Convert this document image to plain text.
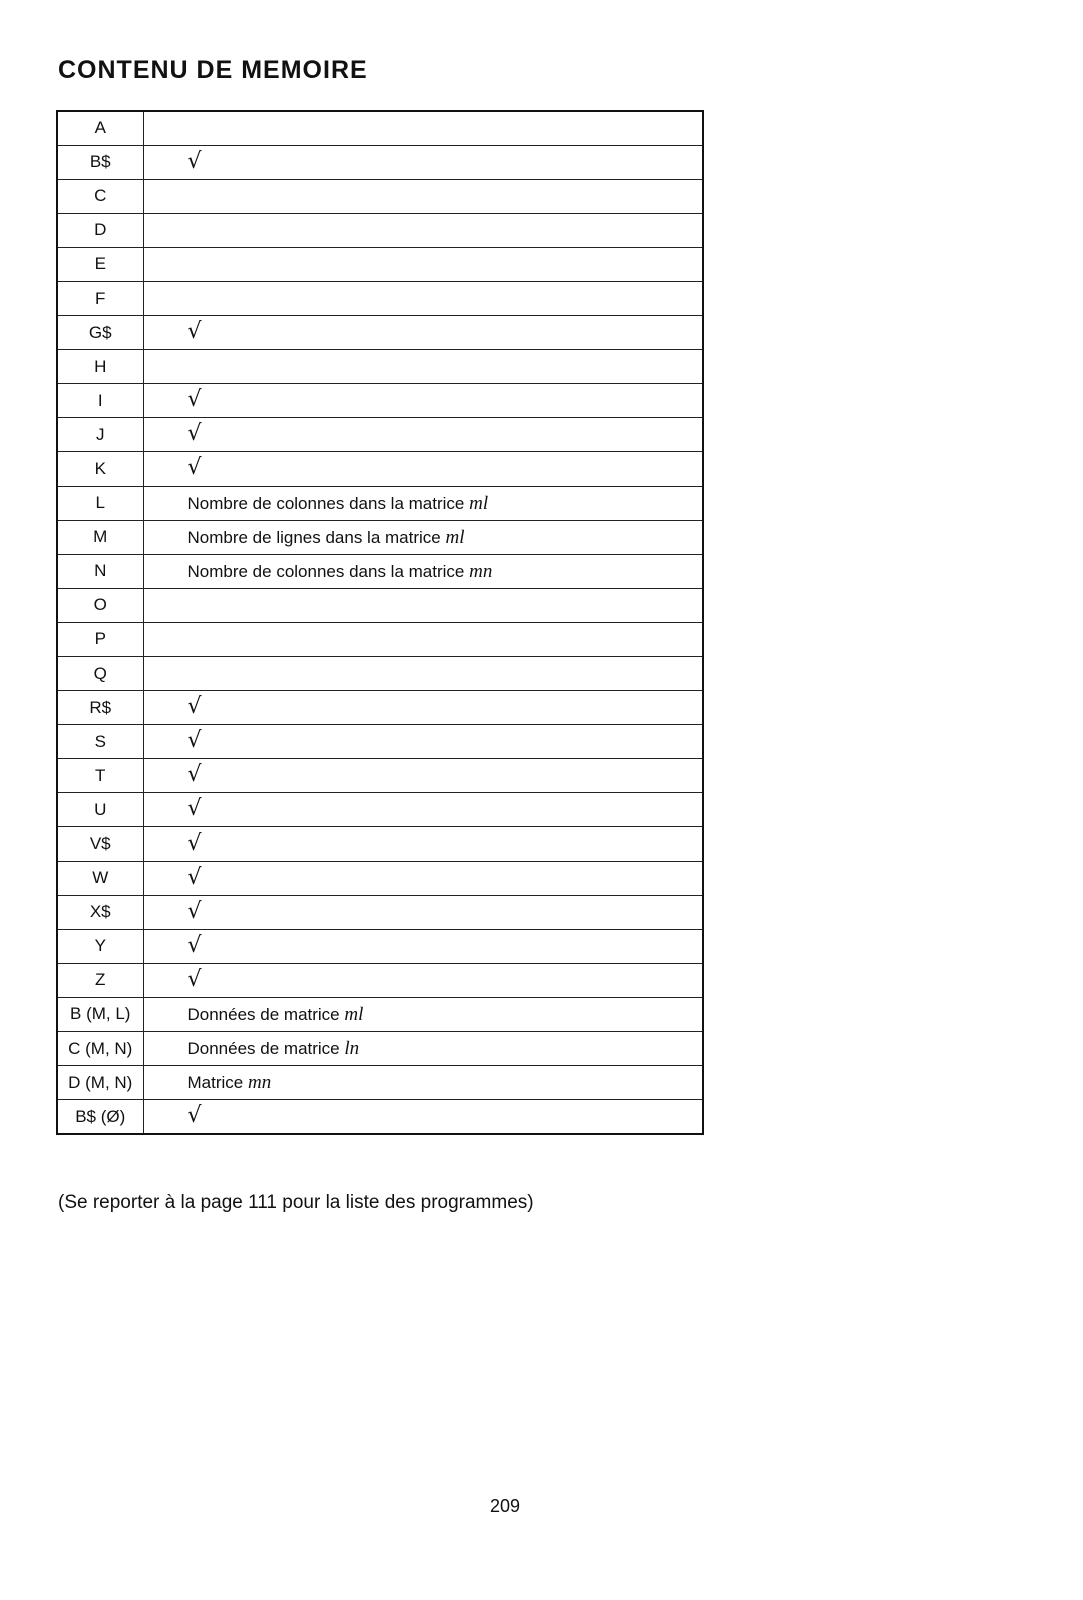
CONTENU DE MEMOIRE
A	
B$	√
C	
D	
E	
F	
G$	√
H	
I	√
J	√
K	√
L	Nombre de colonnes dans la matrice ml
M	Nombre de lignes dans la matrice ml
N	Nombre de colonnes dans la matrice mn
O	
P	
Q	
R$	√
S	√
T	√
U	√
V$	√
W	√
X$	√
Y	√
Z	√
B (M, L)	Données de matrice ml
C (M, N)	Données de matrice ln
D (M, N)	Matrice mn
B$ (Ø)	√

(Se reporter à la page 111 pour la liste des programmes)

209
